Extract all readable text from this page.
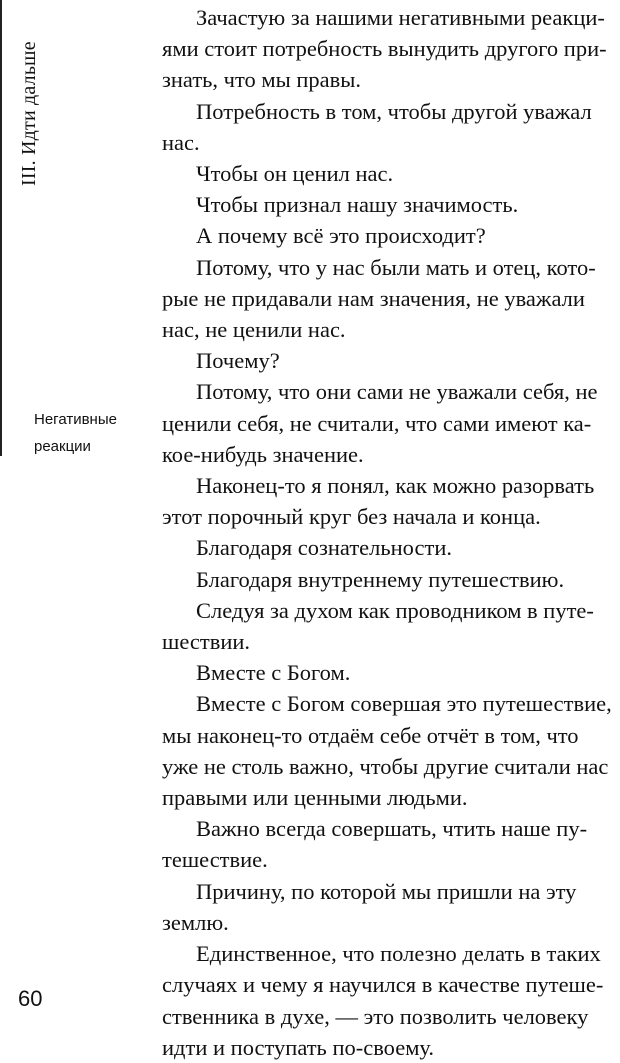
III. Идти дальше
Негативные
реакции

Зачастую за нашими негативными реакци-
ями стоит потребность вынудить другого при-
знать, что мы правы.

Потребность в том, чтобы другой уважал
нас.

Чтобы он ценил нас.

Чтобы признал нашу значимость.

А почему всё это происходит?

Потому, что у нас были мать и отец, кото-
рые не придавали нам значения, не уважали
нас, не ценили нас.

Почему?

Потому, что они сами не уважали себя, не
ценили себя, не считали, что сами имеют ка-
кое-нибудь значение.

Наконец-то я понял, как можно разорвать
этот порочный круг без начала и конца.

Благодаря сознательности.

Благодаря внутреннему путешествию.

Следуя за духом как проводником в путе-
шествии.

Вместе с Богом.

Вместе с Богом совершая это путешествие,
мы наконец-то отдаём себе отчёт в том, что
уже не столь важно, чтобы другие считали нас
правыми или ценными людьми.

Важно всегда совершать, чтить наше пу-
тешествие.

Причину, по которой мы пришли на эту
землю.

Единственное, что полезно делать в таких
случаях и чему я научился в качестве путеше-
ственника в духе, — это позволить человеку
идти и поступать по-своему.

60
